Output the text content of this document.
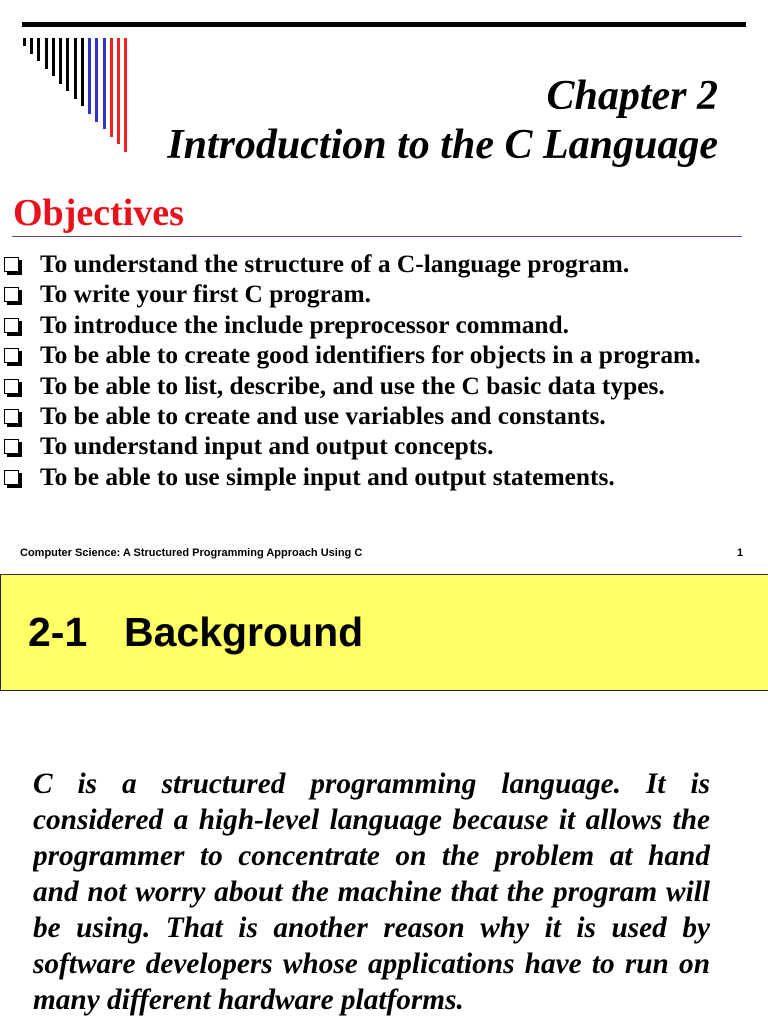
Chapter 2
Introduction to the C Language
Objectives
To understand the structure of a C-language program.
To write your first C program.
To introduce the include preprocessor command.
To be able to create good identifiers for objects in a program.
To be able to list, describe, and use the C basic data types.
To be able to create and use variables and constants.
To understand input and output concepts.
To be able to use simple input and output statements.
Computer Science: A Structured Programming Approach Using C	1
2-1 Background
C is a structured programming language. It is
considered a high-level language because it allows the
programmer to concentrate on the problem at hand
and not worry about the machine that the program will
be using. That is another reason why it is used by
software developers whose applications have to run on
many different hardware platforms.
